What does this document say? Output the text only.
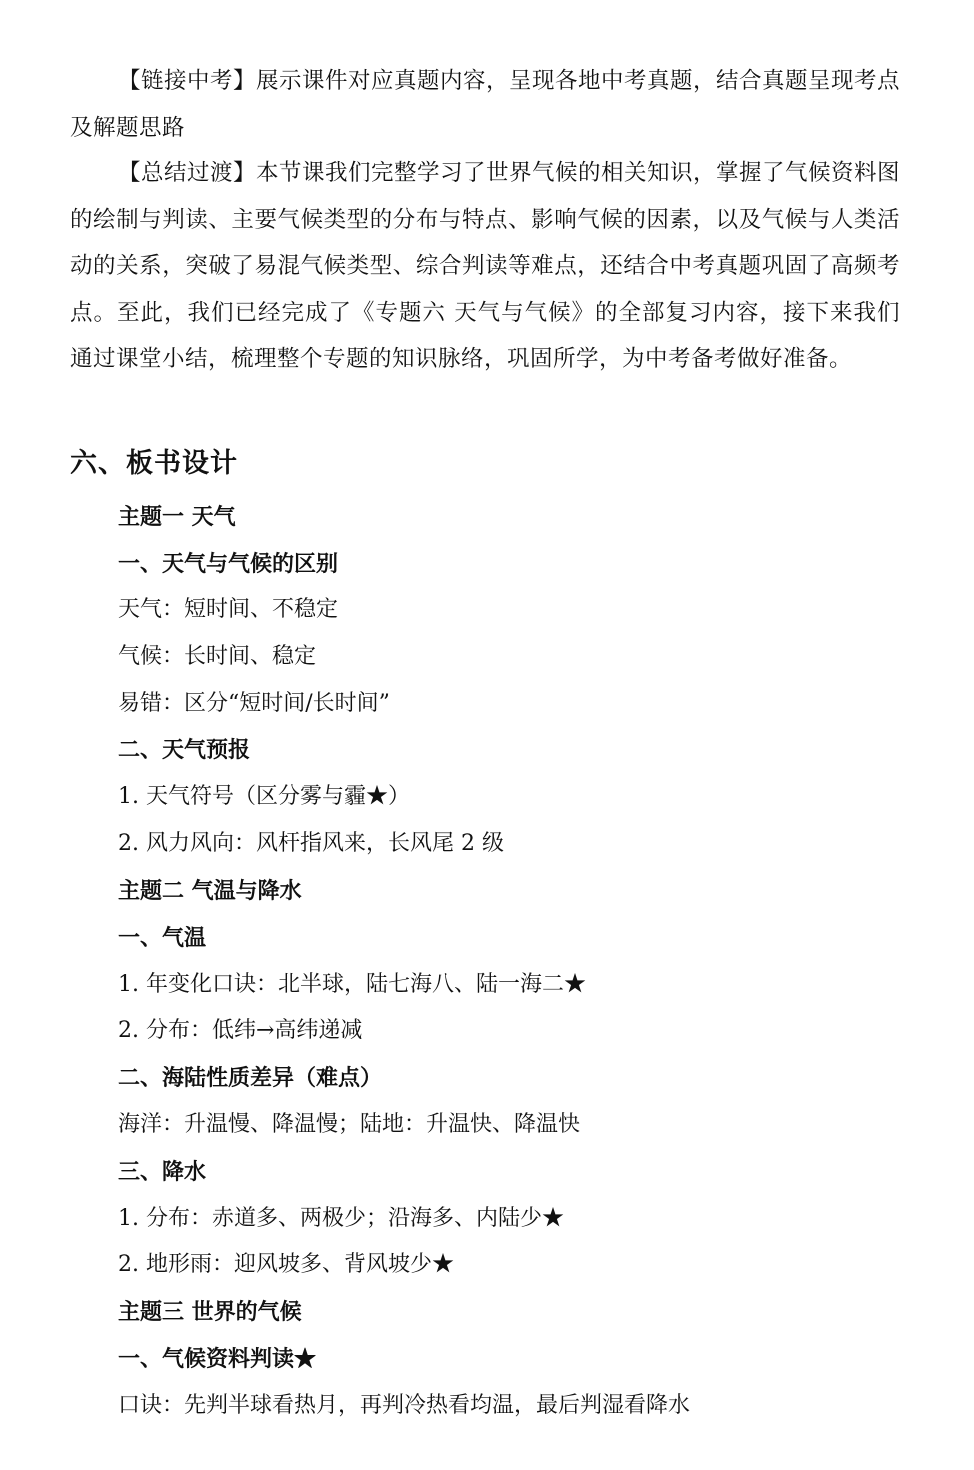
【链接中考】展示课件对应真题内容，呈现各地中考真题，结合真题呈现考点及解题思路

【总结过渡】本节课我们完整学习了世界气候的相关知识，掌握了气候资料图的绘制与判读、主要气候类型的分布与特点、影响气候的因素，以及气候与人类活动的关系，突破了易混气候类型、综合判读等难点，还结合中考真题巩固了高频考点。至此，我们已经完成了《专题六 天气与气候》的全部复习内容，接下来我们通过课堂小结，梳理整个专题的知识脉络，巩固所学，为中考备考做好准备。

六、板书设计

主题一 天气

一、天气与气候的区别

天气：短时间、不稳定

气候：长时间、稳定

易错：区分“短时间/长时间”

二、天气预报

1. 天气符号（区分雾与霾★）

2. 风力风向：风杆指风来，长风尾 2 级

主题二 气温与降水

一、气温

1. 年变化口诀：北半球，陆七海八、陆一海二★

2. 分布：低纬→高纬递减

二、海陆性质差异（难点）

海洋：升温慢、降温慢；陆地：升温快、降温快

三、降水

1. 分布：赤道多、两极少；沿海多、内陆少★

2. 地形雨：迎风坡多、背风坡少★

主题三 世界的气候

一、气候资料判读★

口诀：先判半球看热月，再判冷热看均温，最后判湿看降水
